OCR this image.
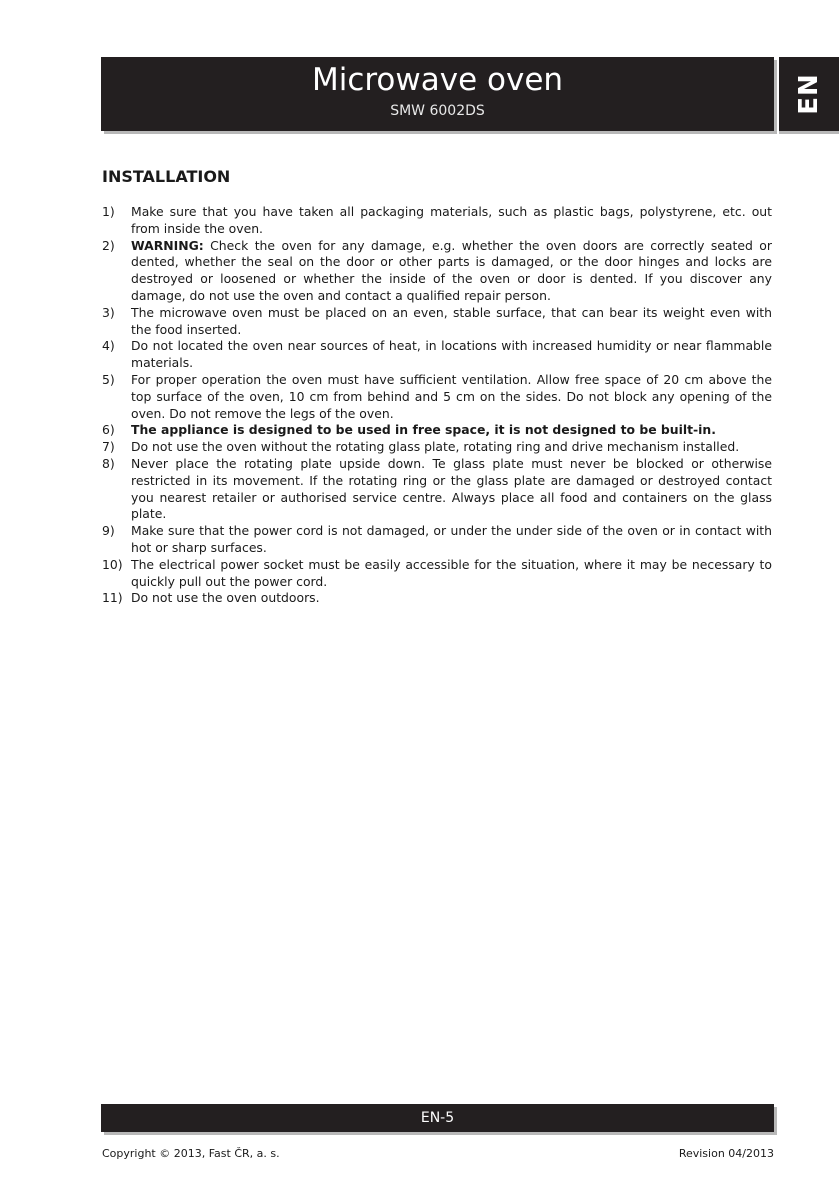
Microwave oven
SMW 6002DS	EN
INSTALLATION
1) Make sure that you have taken all packaging materials, such as plastic bags, polystyrene, etc. out from inside the oven.
2) WARNING: Check the oven for any damage, e.g. whether the oven doors are correctly seated or dented, whether the seal on the door or other parts is damaged, or the door hinges and locks are destroyed or loosened or whether the inside of the oven or door is dented. If you discover any damage, do not use the oven and contact a qualified repair person.
3) The microwave oven must be placed on an even, stable surface, that can bear its weight even with the food inserted.
4) Do not located the oven near sources of heat, in locations with increased humidity or near flammable materials.
5) For proper operation the oven must have sufficient ventilation. Allow free space of 20 cm above the top surface of the oven, 10 cm from behind and 5 cm on the sides. Do not block any opening of the oven. Do not remove the legs of the oven.
6) The appliance is designed to be used in free space, it is not designed to be built-in.
7) Do not use the oven without the rotating glass plate, rotating ring and drive mechanism installed.
8) Never place the rotating plate upside down. Te glass plate must never be blocked or otherwise restricted in its movement. If the rotating ring or the glass plate are damaged or destroyed contact you nearest retailer or authorised service centre. Always place all food and containers on the glass plate.
9) Make sure that the power cord is not damaged, or under the under side of the oven or in contact with hot or sharp surfaces.
10) The electrical power socket must be easily accessible for the situation, where it may be necessary to quickly pull out the power cord.
11) Do not use the oven outdoors.
EN-5
Copyright © 2013, Fast ČR, a. s.	Revision 04/2013
